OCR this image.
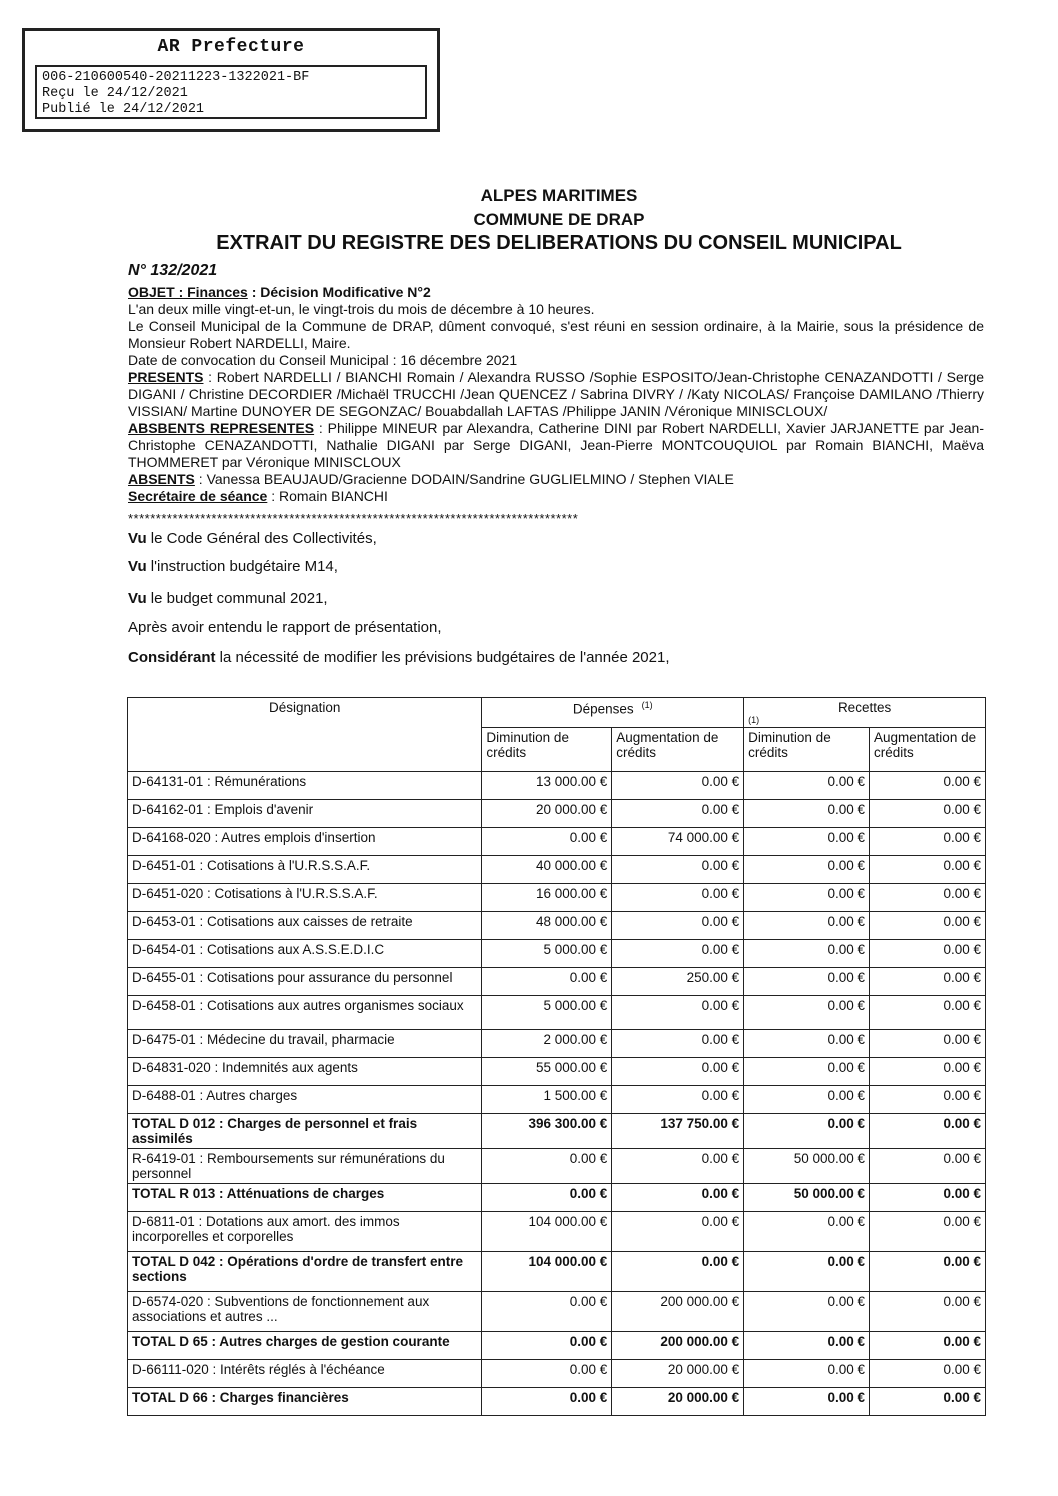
AR Prefecture
006-210600540-20211223-1322021-BF
Reçu le 24/12/2021
Publié le 24/12/2021
ALPES MARITIMES
COMMUNE DE DRAP
EXTRAIT DU REGISTRE DES DELIBERATIONS DU CONSEIL MUNICIPAL
N° 132/2021

OBJET : Finances : Décision Modificative N°2

L'an deux mille vingt-et-un, le vingt-trois du mois de décembre à 10 heures.

Le Conseil Municipal de la Commune de DRAP, dûment convoqué, s'est réuni en session ordinaire, à la Mairie, sous la présidence de Monsieur Robert NARDELLI, Maire.

Date de convocation du Conseil Municipal : 16 décembre 2021

PRESENTS : Robert NARDELLI / BIANCHI Romain / Alexandra RUSSO /Sophie ESPOSITO/Jean-Christophe CENAZANDOTTI / Serge DIGANI / Christine DECORDIER /Michaël TRUCCHI /Jean QUENCEZ / Sabrina DIVRY / /Katy NICOLAS/ Françoise DAMILANO /Thierry VISSIAN/ Martine DUNOYER DE SEGONZAC/ Bouabdallah LAFTAS /Philippe JANIN /Véronique MINISCLOUX/

ABSBENTS REPRESENTES : Philippe MINEUR par Alexandra, Catherine DINI par Robert NARDELLI, Xavier JARJANETTE par Jean-Christophe CENAZANDOTTI, Nathalie DIGANI par Serge DIGANI, Jean-Pierre MONTCOUQUIOL par Romain BIANCHI, Maëva THOMMERET par Véronique MINISCLOUX

ABSENTS : Vanessa BEAUJAUD/Gracienne DODAIN/Sandrine GUGLIELMINO / Stephen VIALE

Secrétaire de séance : Romain BIANCHI

*********************************************************************************
Vu le Code Général des Collectivités,
Vu l'instruction budgétaire M14,
Vu le budget communal 2021,
Après avoir entendu le rapport de présentation,
Considérant la nécessité de modifier les prévisions budgétaires de l'année 2021,
Désignation	Dépenses $^{(1)}$		Recettes
(1)	

	Diminution de crédits	Augmentation de crédits	Diminution de crédits	Augmentation de crédits
D-64131-01 : Rémunérations	13 000.00 €	0.00 €	0.00 €	0.00 €
D-64162-01 : Emplois d'avenir	20 000.00 €	0.00 €	0.00 €	0.00 €
D-64168-020 : Autres emplois d'insertion	0.00 €	74 000.00 €	0.00 €	0.00 €
D-6451-01 : Cotisations à l'U.R.S.S.A.F.	40 000.00 €	0.00 €	0.00 €	0.00 €
D-6451-020 : Cotisations à l'U.R.S.S.A.F.	16 000.00 €	0.00 €	0.00 €	0.00 €
D-6453-01 : Cotisations aux caisses de retraite	48 000.00 €	0.00 €	0.00 €	0.00 €
D-6454-01 : Cotisations aux A.S.S.E.D.I.C	5 000.00 €	0.00 €	0.00 €	0.00 €
D-6455-01 : Cotisations pour assurance du personnel	0.00 €	250.00 €	0.00 €	0.00 €
D-6458-01 : Cotisations aux autres organismes sociaux	5 000.00 €	0.00 €	0.00 €	0.00 €
D-6475-01 : Médecine du travail, pharmacie	2 000.00 €	0.00 €	0.00 €	0.00 €
D-64831-020 : Indemnités aux agents	55 000.00 €	0.00 €	0.00 €	0.00 €
D-6488-01 : Autres charges	1 500.00 €	0.00 €	0.00 €	0.00 €
TOTAL D 012 : Charges de personnel et frais assimilés	396 300.00 €	137 750.00 €	0.00 €	0.00 €
R-6419-01 : Remboursements sur rémunérations du personnel	0.00 €	0.00 €	50 000.00 €	0.00 €
TOTAL R 013 : Atténuations de charges	0.00 €	0.00 €	50 000.00 €	0.00 €
D-6811-01 : Dotations aux amort. des immos incorporelles et corporelles	104 000.00 €	0.00 €	0.00 €	0.00 €
TOTAL D 042 : Opérations d'ordre de transfert entre sections	104 000.00 €	0.00 €	0.00 €	0.00 €
D-6574-020 : Subventions de fonctionnement aux associations et autres ...	0.00 €	200 000.00 €	0.00 €	0.00 €
TOTAL D 65 : Autres charges de gestion courante	0.00 €	200 000.00 €	0.00 €	0.00 €
D-66111-020 : Intérêts réglés à l'échéance	0.00 €	20 000.00 €	0.00 €	0.00 €
TOTAL D 66 : Charges financières	0.00 €	20 000.00 €	0.00 €	0.00 €
